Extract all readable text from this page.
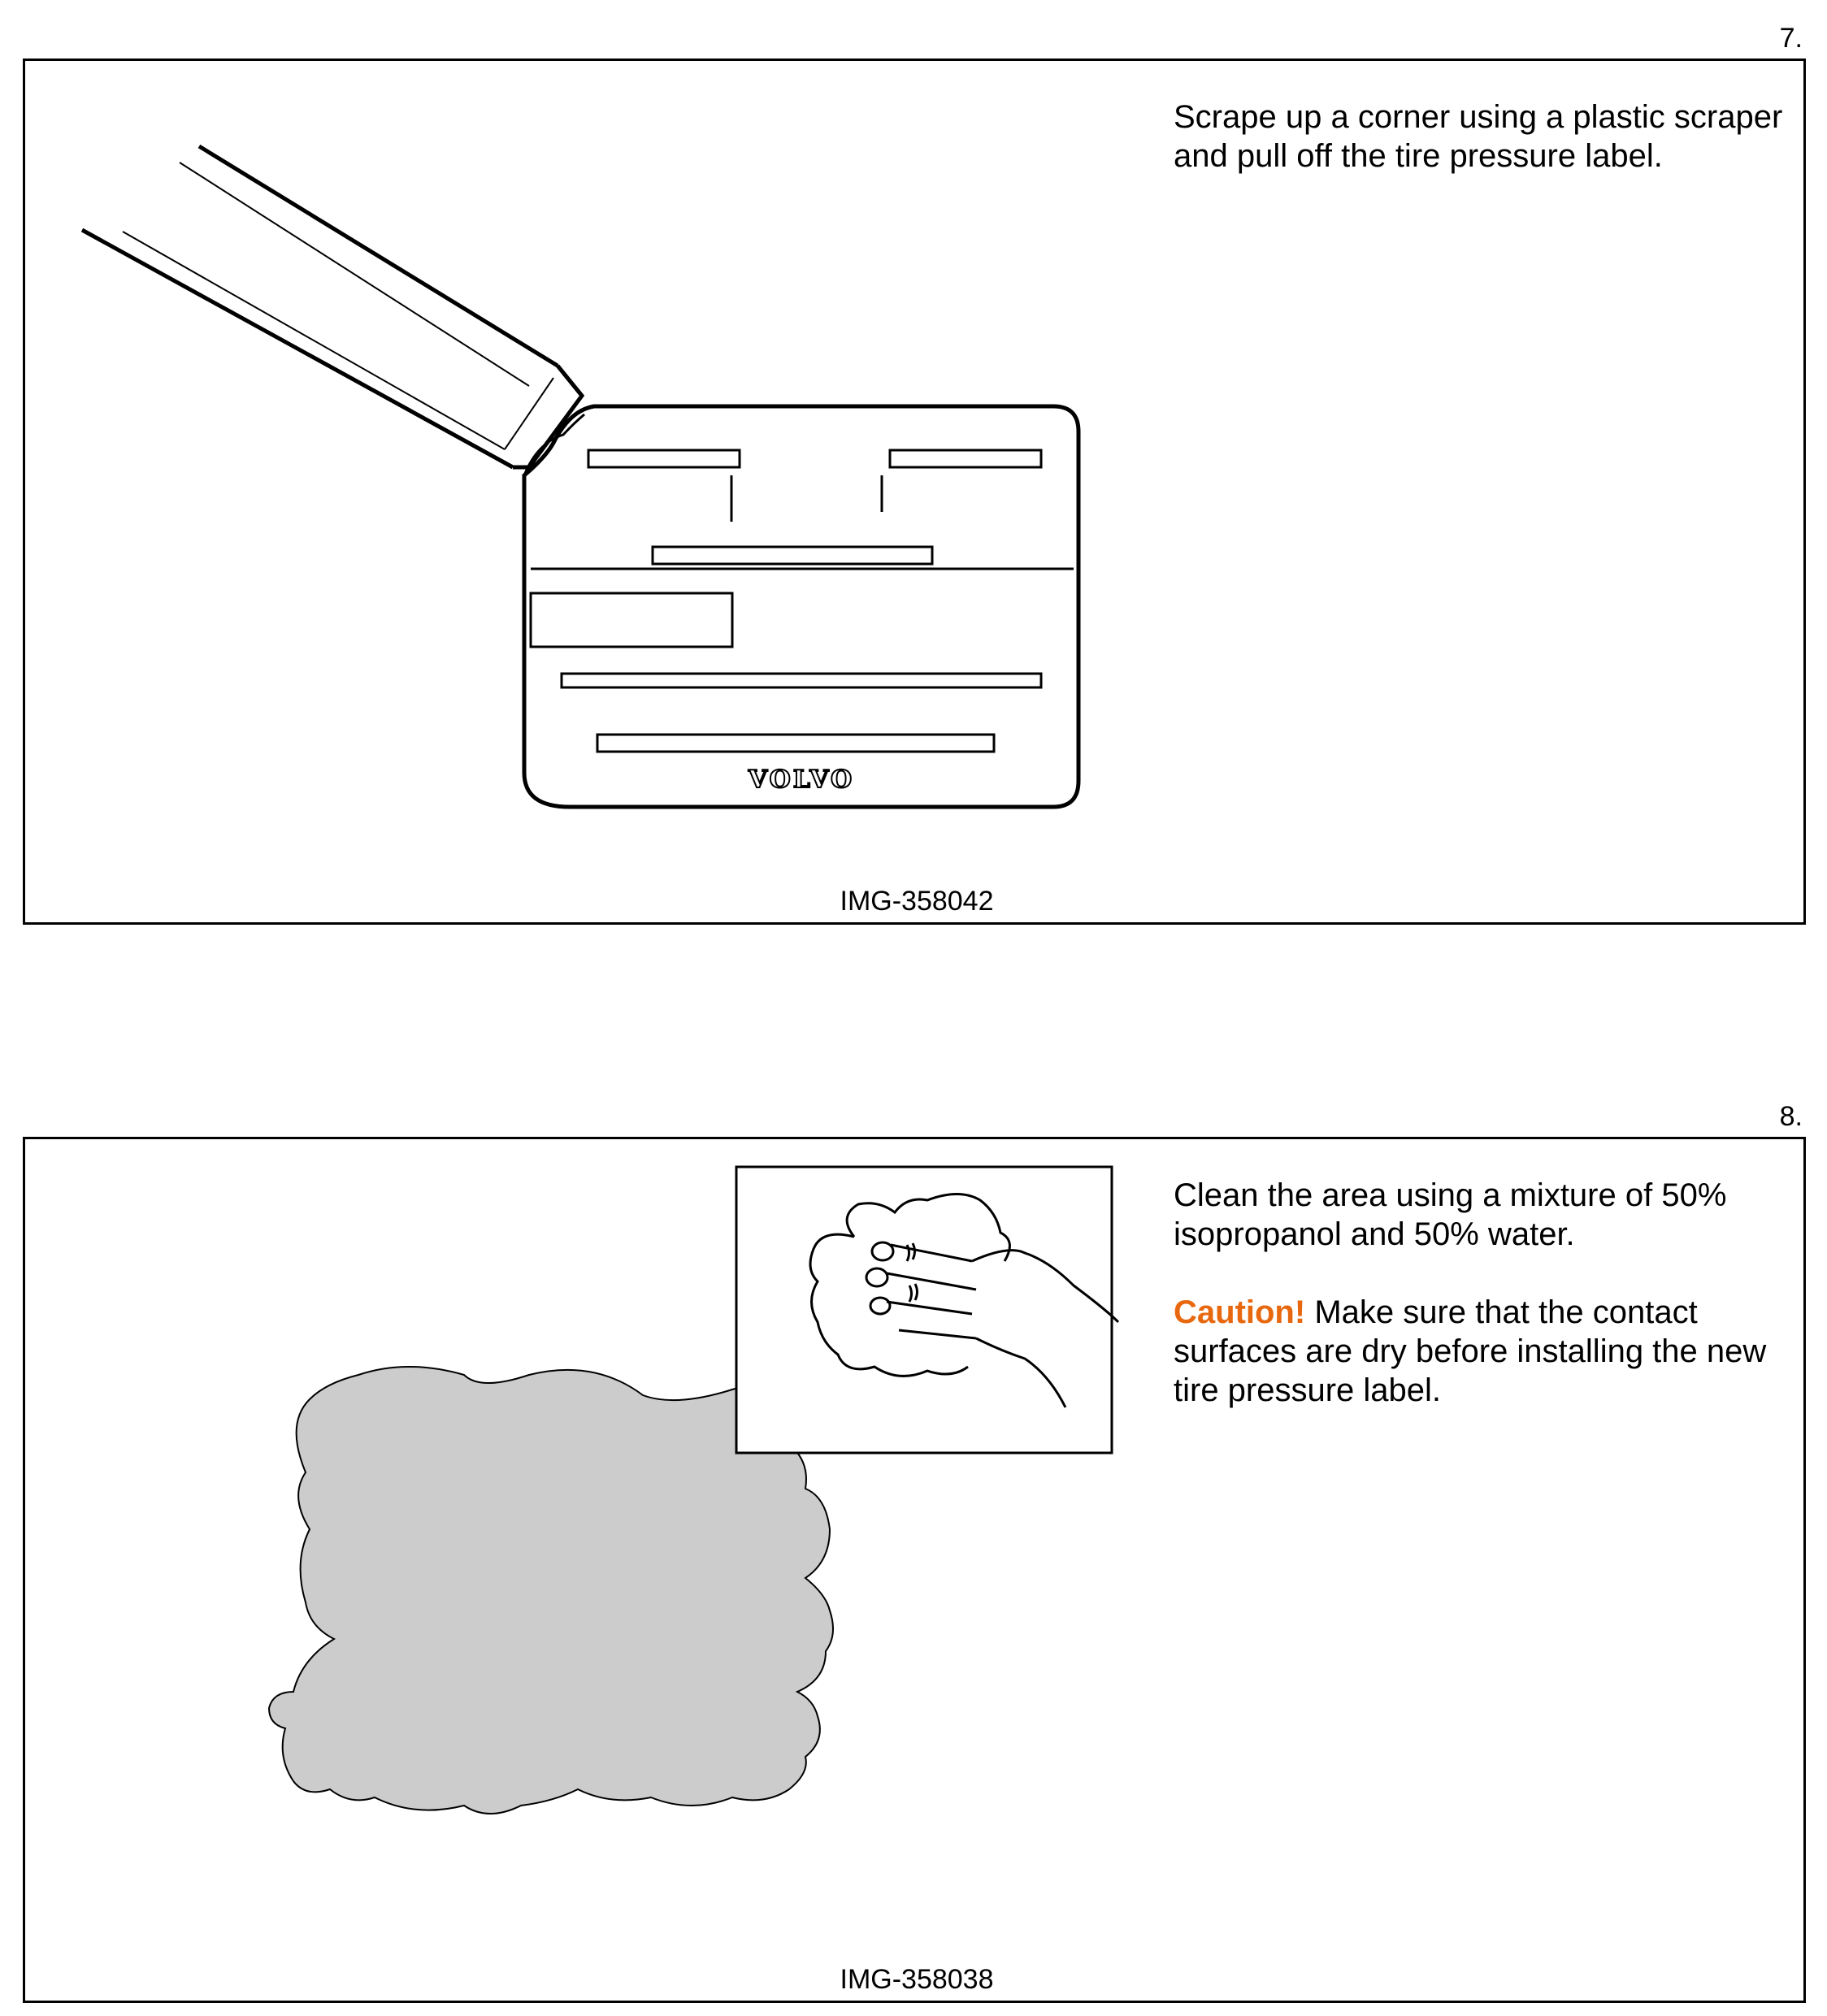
7.
VOLVO

Scrape up a corner using a plastic scraper and pull off the tire pressure label.

IMG-358042
8.

Clean the area using a mixture of 50% isopropanol and 50% water.

Caution! Make sure that the contact surfaces are dry before installing the new tire pressure label.

IMG-358038
